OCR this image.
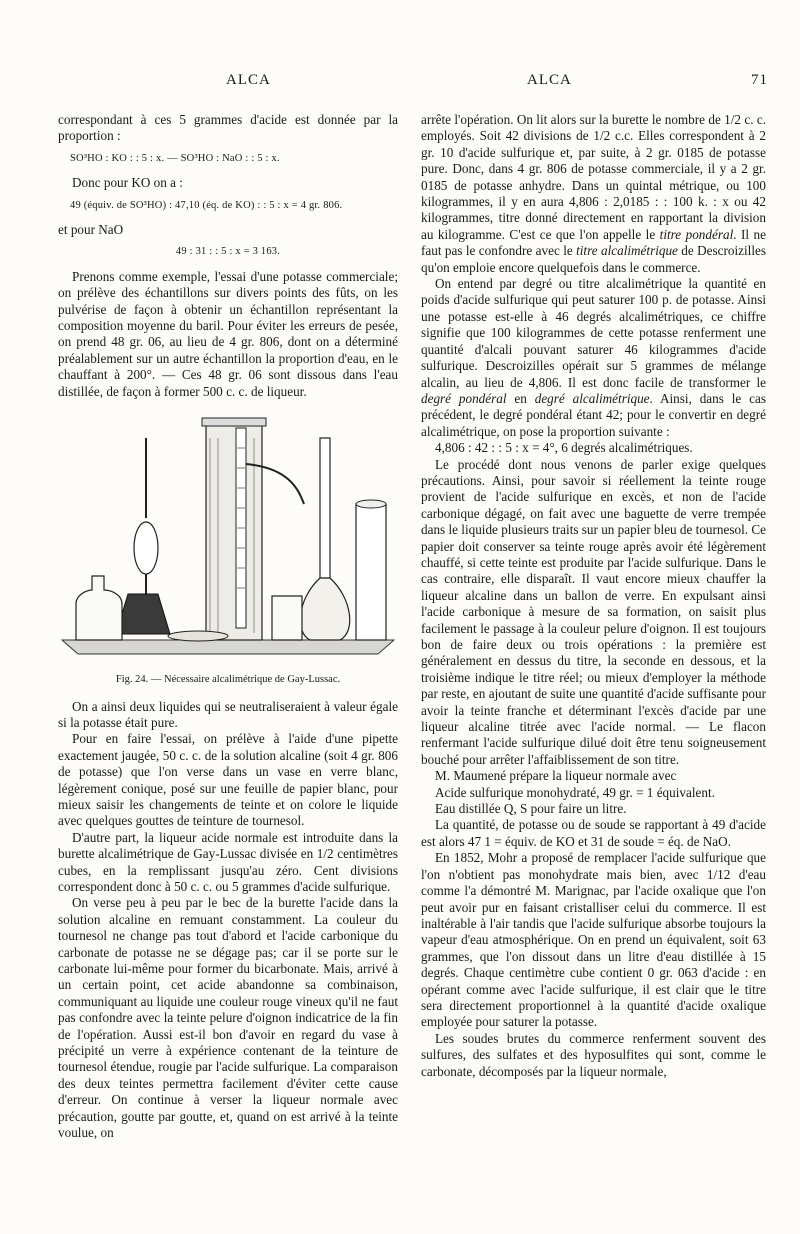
ALCA	ALCA	71

correspondant à ces 5 grammes d'acide est donnée par la proportion :

SO³HO : KO : : 5 : x. — SO³HO : NaO : : 5 : x.

Donc pour KO on a :

49 (équiv. de SO³HO) : 47,10 (éq. de KO) : : 5 : x = 4 gr. 806.

et pour NaO

49 : 31 : : 5 : x = 3 163.

Prenons comme exemple, l'essai d'une potasse commerciale; on prélève des échantillons sur divers points des fûts, on les pulvérise de façon à obtenir un échantillon représentant la composition moyenne du baril. Pour éviter les erreurs de pesée, on prend 48 gr. 06, au lieu de 4 gr. 806, dont on a déterminé préalablement sur un autre échantillon la proportion d'eau, en le chauffant à 200°. — Ces 48 gr. 06 sont dissous dans l'eau distillée, de façon à former 500 c. c. de liqueur.

Fig. 24. — Nécessaire alcalimétrique de Gay-Lussac.

On a ainsi deux liquides qui se neutraliseraient à valeur égale si la potasse était pure.

Pour en faire l'essai, on prélève à l'aide d'une pipette exactement jaugée, 50 c. c. de la solution alcaline (soit 4 gr. 806 de potasse) que l'on verse dans un vase en verre blanc, légèrement conique, posé sur une feuille de papier blanc, pour mieux saisir les changements de teinte et on colore le liquide avec quelques gouttes de teinture de tournesol.

D'autre part, la liqueur acide normale est introduite dans la burette alcalimétrique de Gay-Lussac divisée en 1/2 centimètres cubes, en la remplissant jusqu'au zéro. Cent divisions correspondent donc à 50 c. c. ou 5 grammes d'acide sulfurique.

On verse peu à peu par le bec de la burette l'acide dans la solution alcaline en remuant constamment. La couleur du tournesol ne change pas tout d'abord et l'acide carbonique du carbonate de potasse ne se dégage pas; car il se porte sur le carbonate lui-même pour former du bicarbonate. Mais, arrivé à un certain point, cet acide abandonne sa combinaison, communiquant au liquide une couleur rouge vineux qu'il ne faut pas confondre avec la teinte pelure d'oignon indicatrice de la fin de l'opération. Aussi est-il bon d'avoir en regard du vase à précipité un verre à expérience contenant de la teinture de tournesol étendue, rougie par l'acide sulfurique. La comparaison des deux teintes permettra facilement d'éviter cette cause d'erreur. On continue à verser la liqueur normale avec précaution, goutte par goutte, et, quand on est arrivé à la teinte voulue, on

arrête l'opération. On lit alors sur la burette le nombre de 1/2 c. c. employés. Soit 42 divisions de 1/2 c.c. Elles correspondent à 2 gr. 10 d'acide sulfurique et, par suite, à 2 gr. 0185 de potasse pure. Donc, dans 4 gr. 806 de potasse commerciale, il y a 2 gr. 0185 de potasse anhydre. Dans un quintal métrique, ou 100 kilogrammes, il y en aura 4,806 : 2,0185 : : 100 k. : x ou 42 kilogrammes, titre donné directement en rapportant la division au kilogramme. C'est ce que l'on appelle le titre pondéral. Il ne faut pas le confondre avec le titre alcalimétrique de Descroizilles qu'on emploie encore quelquefois dans le commerce.

On entend par degré ou titre alcalimétrique la quantité en poids d'acide sulfurique qui peut saturer 100 p. de potasse. Ainsi une potasse est-elle à 46 degrés alcalimétriques, ce chiffre signifie que 100 kilogrammes de cette potasse renferment une quantité d'alcali pouvant saturer 46 kilogrammes d'acide sulfurique. Descroizilles opérait sur 5 grammes de mélange alcalin, au lieu de 4,806. Il est donc facile de transformer le degré pondéral en degré alcalimétrique. Ainsi, dans le cas précédent, le degré pondéral étant 42; pour le convertir en degré alcalimétrique, on pose la proportion suivante :

4,806 : 42 : : 5 : x = 4°, 6 degrés alcalimétriques.

Le procédé dont nous venons de parler exige quelques précautions. Ainsi, pour savoir si réellement la teinte rouge provient de l'acide sulfurique en excès, et non de l'acide carbonique dégagé, on fait avec une baguette de verre trempée dans le liquide plusieurs traits sur un papier bleu de tournesol. Ce papier doit conserver sa teinte rouge après avoir été légèrement chauffé, si cette teinte est produite par l'acide sulfurique. Dans le cas contraire, elle disparaît. Il vaut encore mieux chauffer la liqueur alcaline dans un ballon de verre. En expulsant ainsi l'acide carbonique à mesure de sa formation, on saisit plus facilement le passage à la couleur pelure d'oignon. Il est toujours bon de faire deux ou trois opérations : la première est généralement en dessus du titre, la seconde en dessous, et la troisième indique le titre réel; ou mieux d'employer la méthode par reste, en ajoutant de suite une quantité d'acide suffisante pour avoir la teinte franche et déterminant l'excès d'acide par une liqueur alcaline titrée avec l'acide normal. — Le flacon renfermant l'acide sulfurique dilué doit être tenu soigneusement bouché pour arrêter l'affaiblissement de son titre.

M. Maumené prépare la liqueur normale avec

Acide sulfurique monohydraté, 49 gr. = 1 équivalent.

Eau distillée Q, S pour faire un litre.

La quantité, de potasse ou de soude se rapportant à 49 d'acide est alors 47 1 = équiv. de KO et 31 de soude = éq. de NaO.

En 1852, Mohr a proposé de remplacer l'acide sulfurique que l'on n'obtient pas monohydrate mais bien, avec 1/12 d'eau comme l'a démontré M. Marignac, par l'acide oxalique que l'on peut avoir pur en faisant cristalliser celui du commerce. Il est inaltérable à l'air tandis que l'acide sulfurique absorbe toujours la vapeur d'eau atmosphérique. On en prend un équivalent, soit 63 grammes, que l'on dissout dans un litre d'eau distillée à 15 degrés. Chaque centimètre cube contient 0 gr. 063 d'acide : en opérant comme avec l'acide sulfurique, il est clair que le titre sera directement proportionnel à la quantité d'acide oxalique employée pour saturer la potasse.

Les soudes brutes du commerce renferment souvent des sulfures, des sulfates et des hyposulfites qui sont, comme le carbonate, décomposés par la liqueur normale,
